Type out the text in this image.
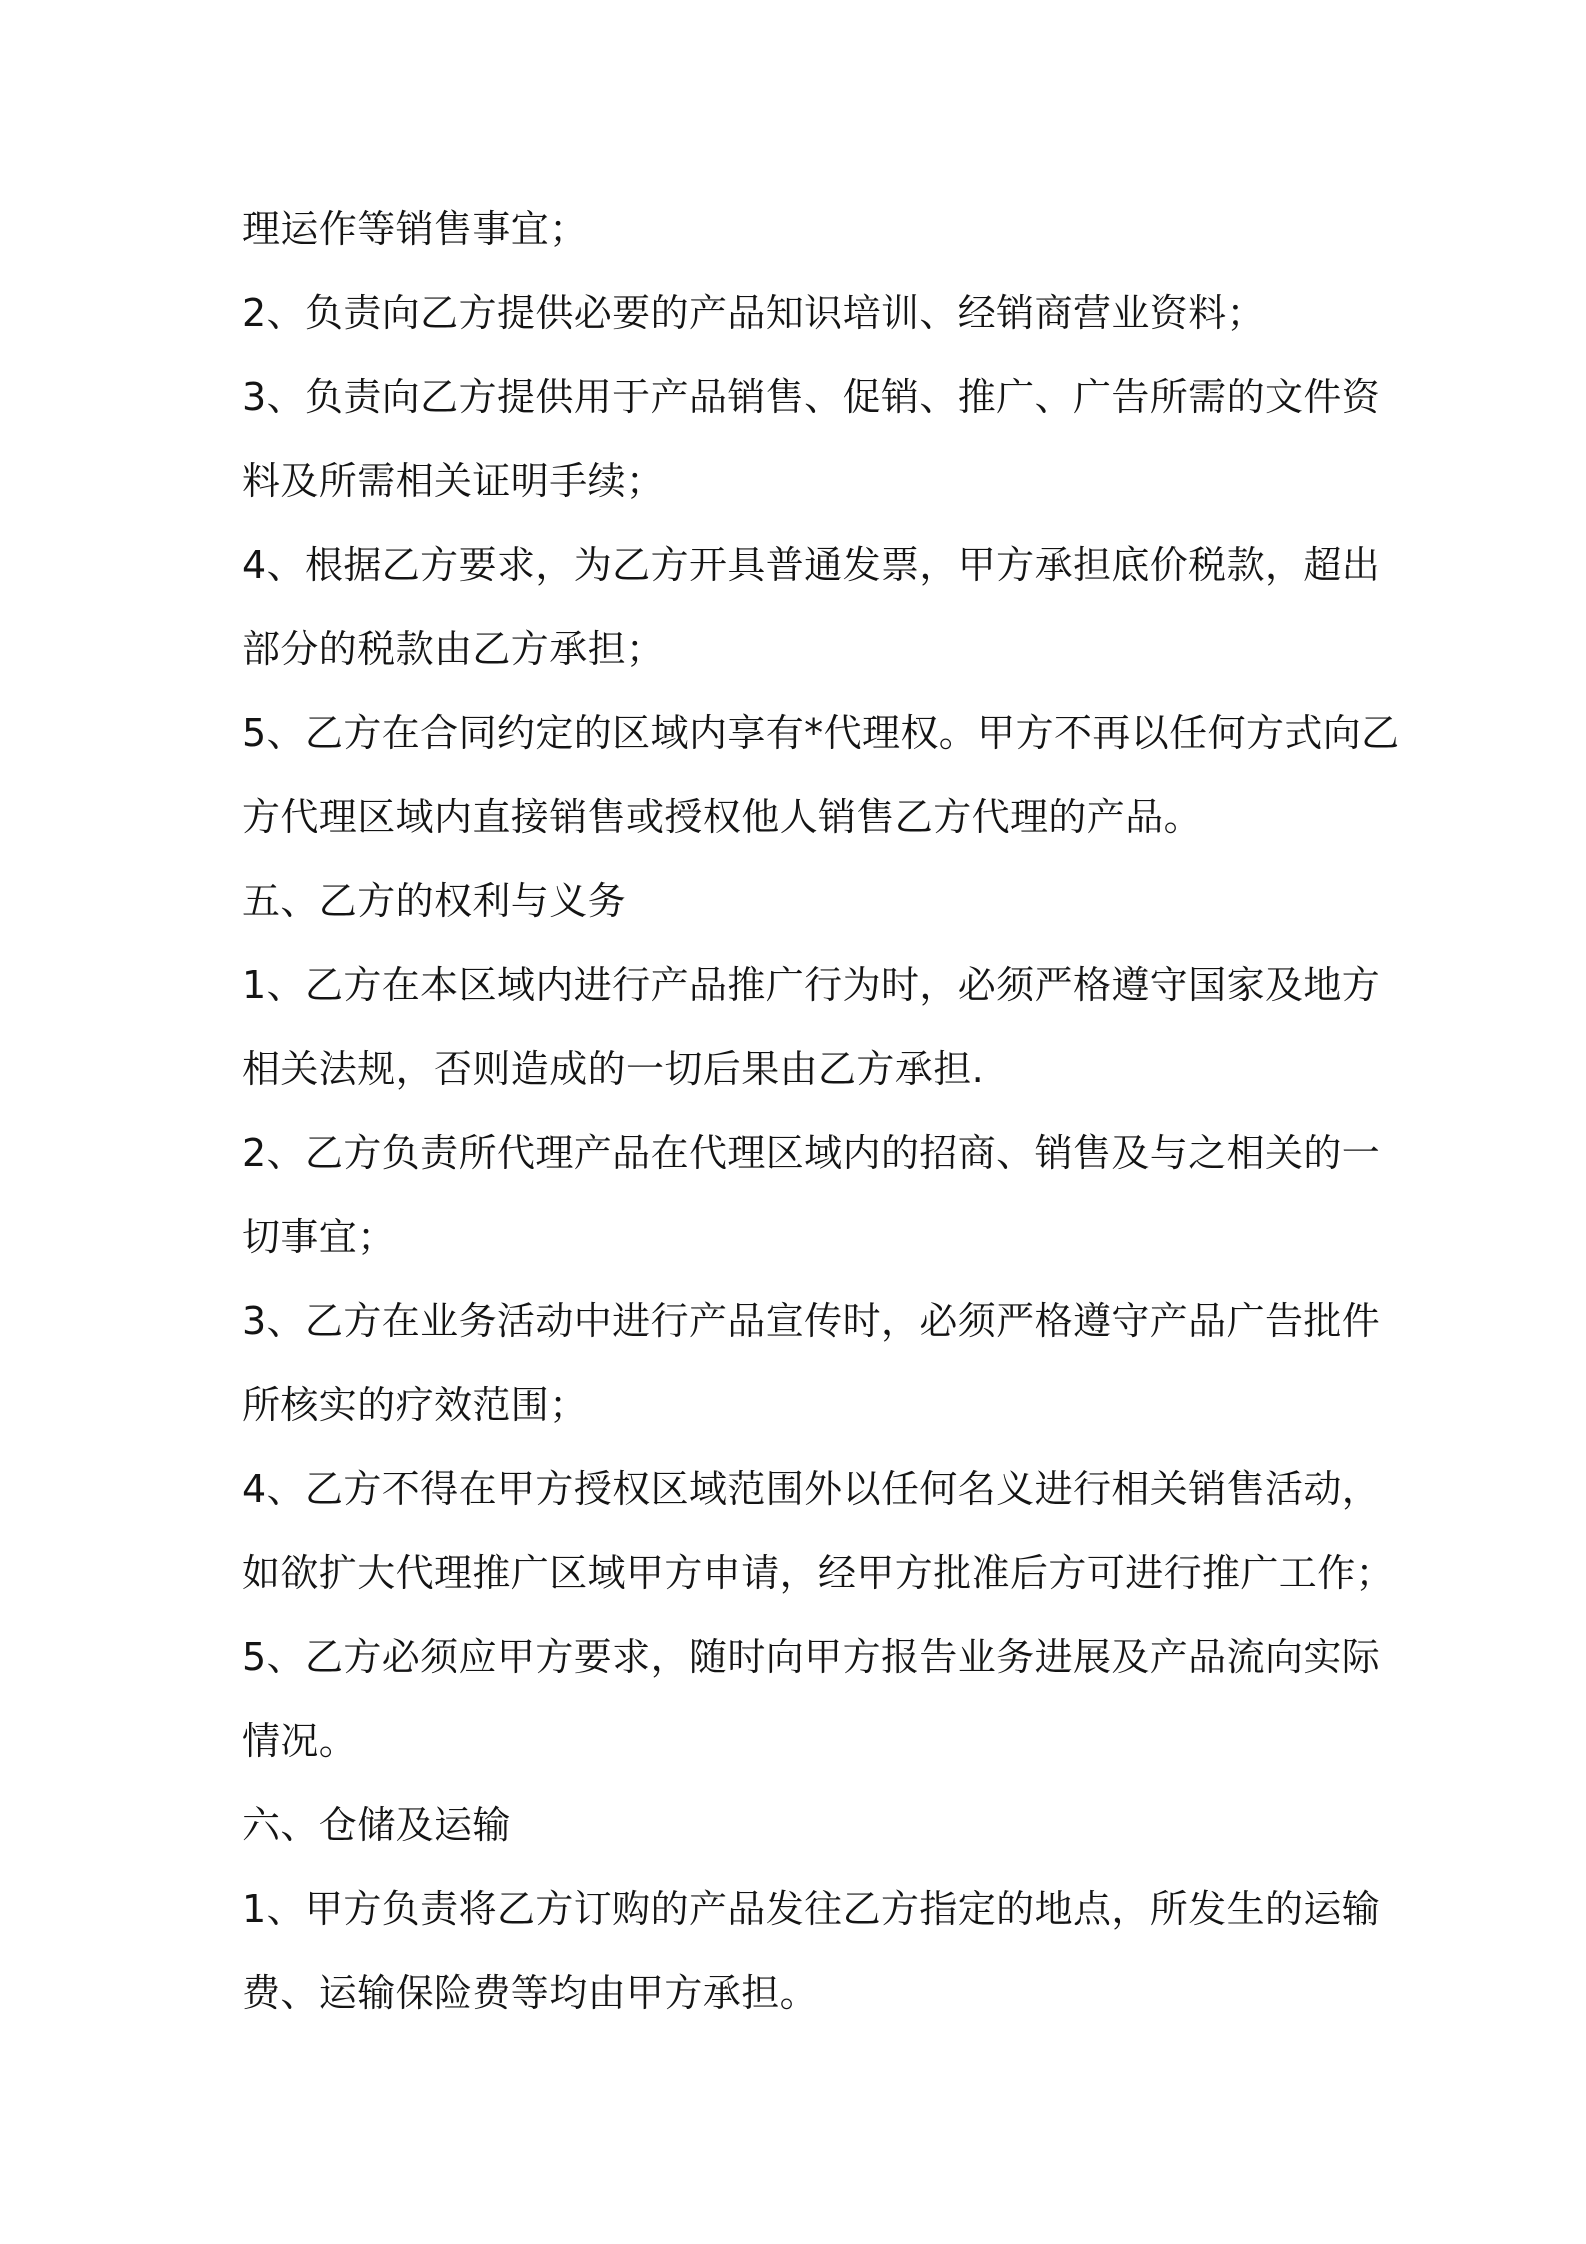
理运作等销售事宜；
2、负责向乙方提供必要的产品知识培训、经销商营业资料；
3、负责向乙方提供用于产品销售、促销、推广、广告所需的文件资
料及所需相关证明手续；
4、根据乙方要求，为乙方开具普通发票，甲方承担底价税款，超出
部分的税款由乙方承担；
5、乙方在合同约定的区域内享有*代理权。甲方不再以任何方式向乙
方代理区域内直接销售或授权他人销售乙方代理的产品。
五、乙方的权利与义务
1、乙方在本区域内进行产品推广行为时，必须严格遵守国家及地方
相关法规，否则造成的一切后果由乙方承担.
2、乙方负责所代理产品在代理区域内的招商、销售及与之相关的一
切事宜；
3、乙方在业务活动中进行产品宣传时，必须严格遵守产品广告批件
所核实的疗效范围；
4、乙方不得在甲方授权区域范围外以任何名义进行相关销售活动，
如欲扩大代理推广区域甲方申请，经甲方批准后方可进行推广工作；
5、乙方必须应甲方要求，随时向甲方报告业务进展及产品流向实际
情况。
六、仓储及运输
1、甲方负责将乙方订购的产品发往乙方指定的地点，所发生的运输
费、运输保险费等均由甲方承担。
